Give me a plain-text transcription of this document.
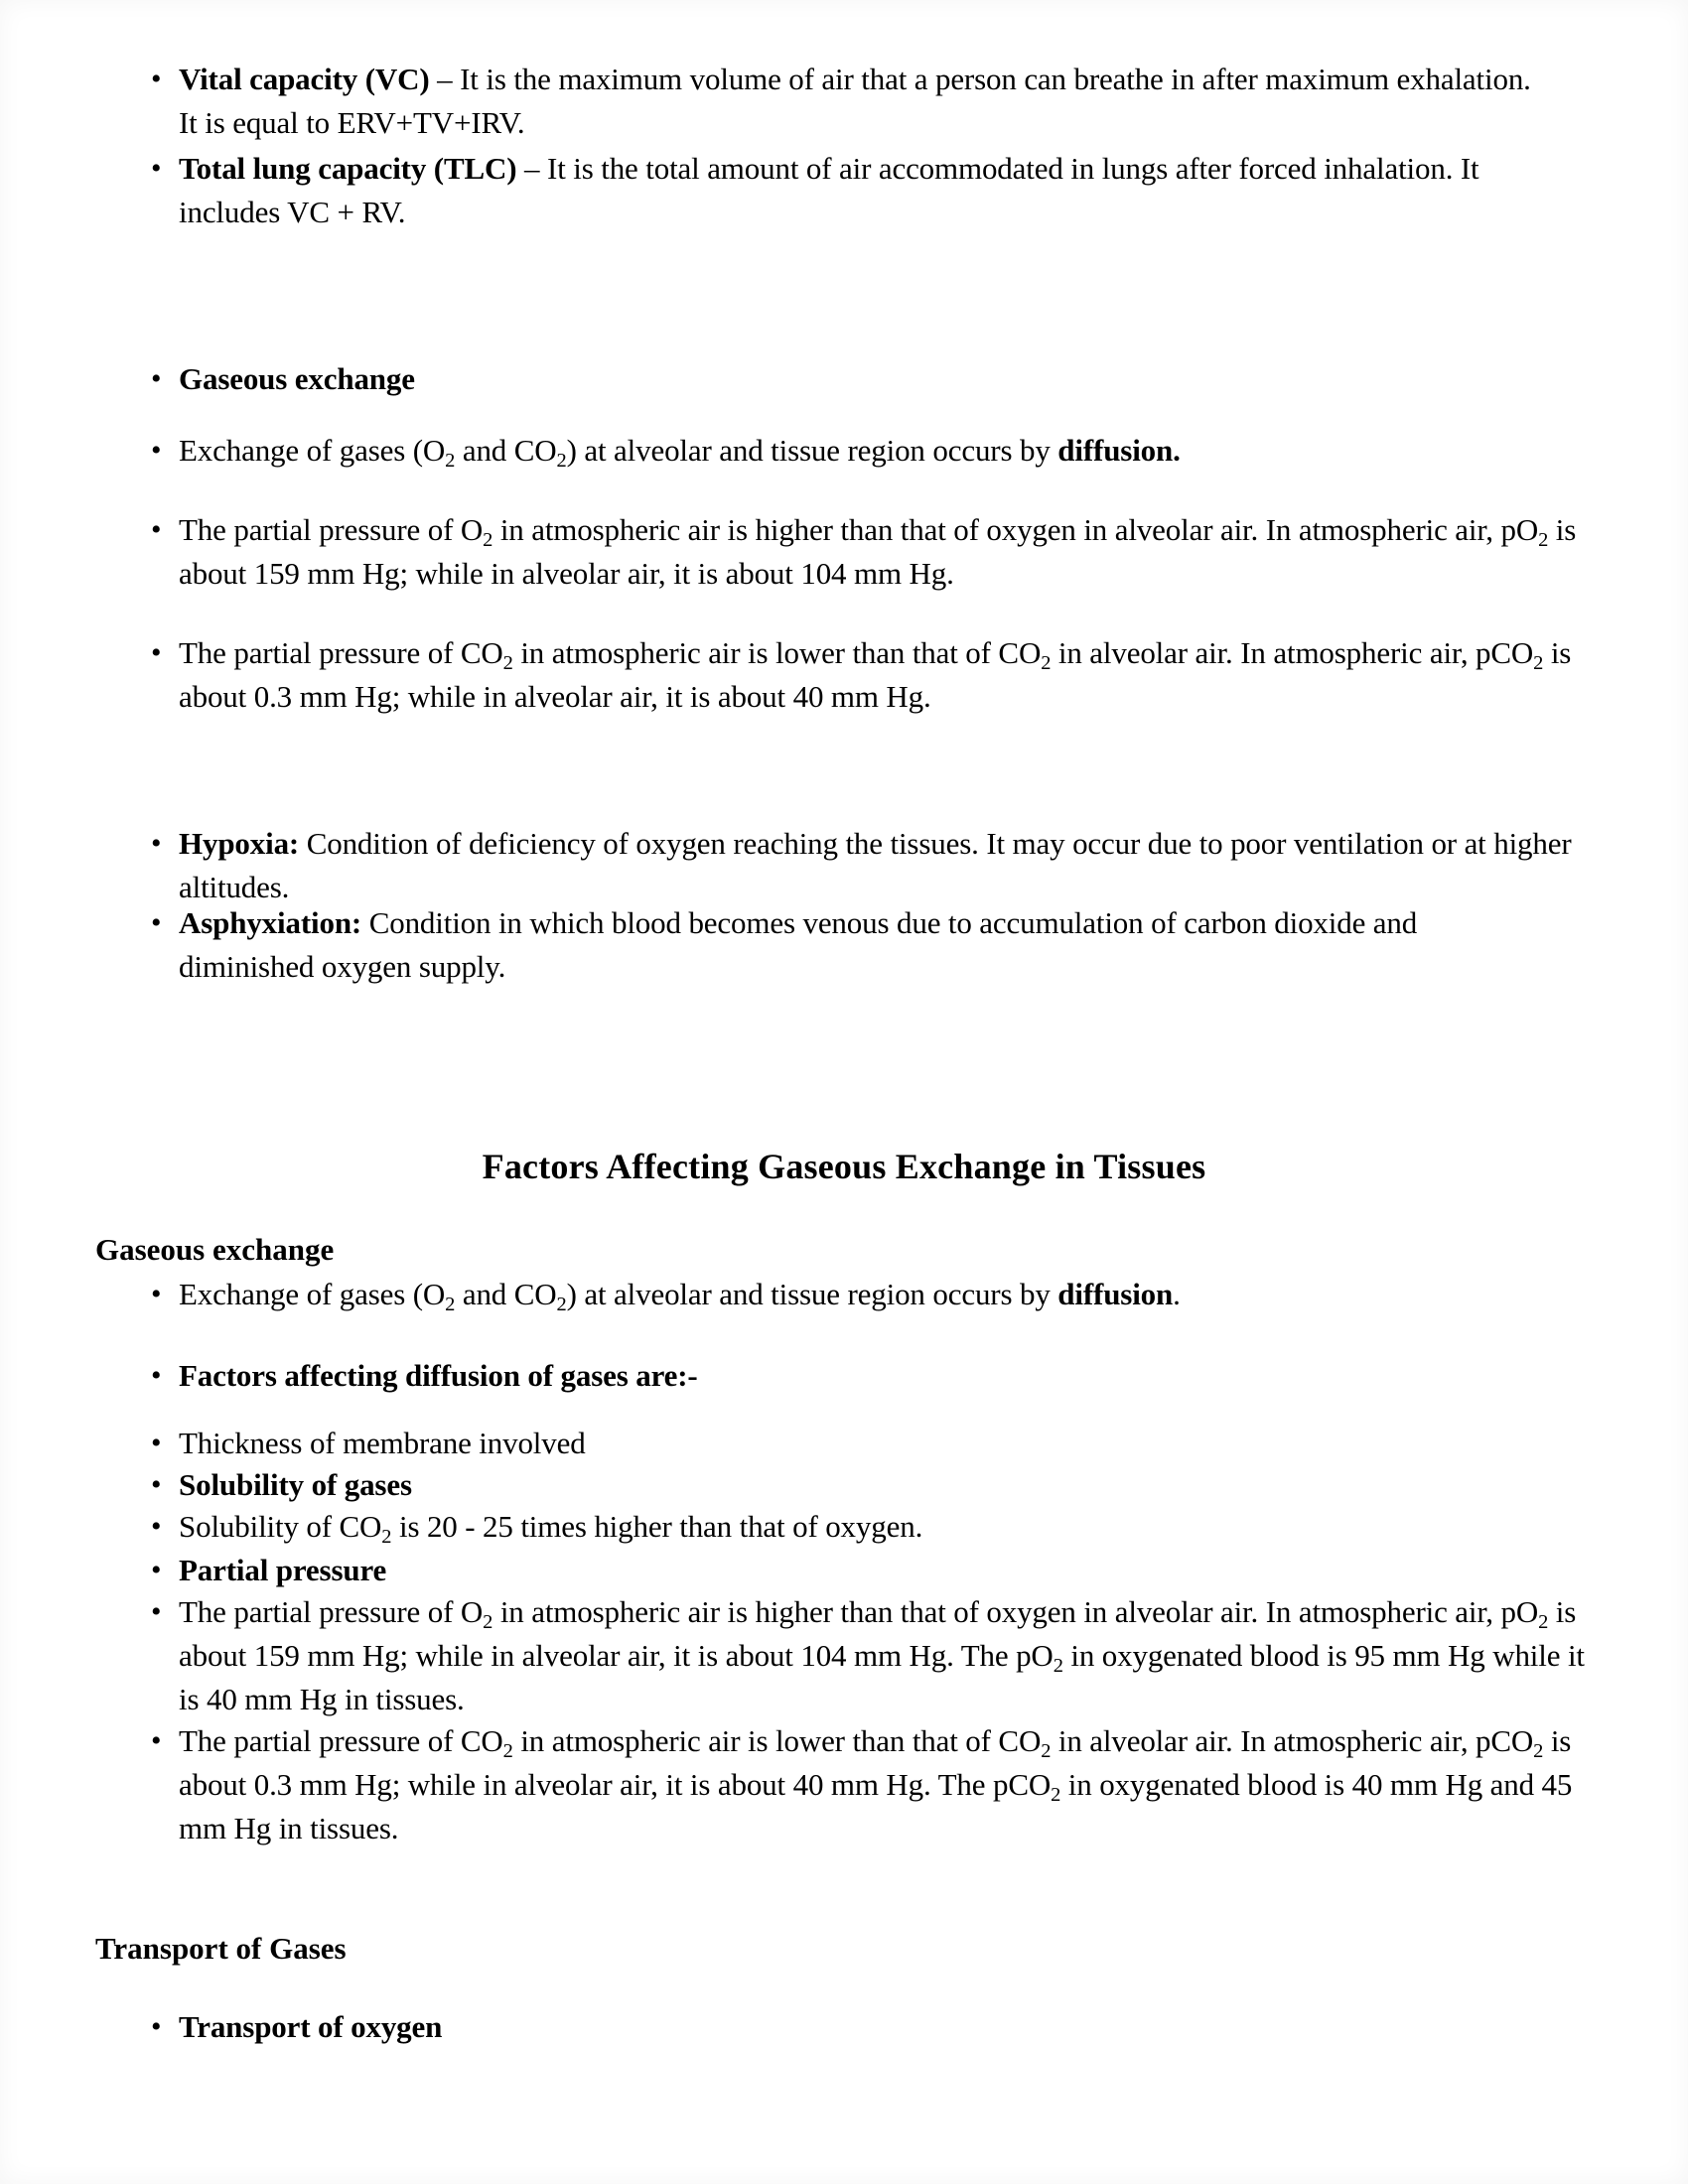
• Vital capacity (VC) – It is the maximum volume of air that a person can breathe in after maximum exhalation. It is equal to ERV+TV+IRV.
• Total lung capacity (TLC) – It is the total amount of air accommodated in lungs after forced inhalation. It includes VC + RV.
• Gaseous exchange
• Exchange of gases ($O_2$ and $CO_2$) at alveolar and tissue region occurs by diffusion.
• The partial pressure of $O_2$ in atmospheric air is higher than that of oxygen in alveolar air. In atmospheric air, $pO_2$ is about 159 mm Hg; while in alveolar air, it is about 104 mm Hg.
• The partial pressure of $CO_2$ in atmospheric air is lower than that of $CO_2$ in alveolar air. In atmospheric air, pCO$_2$ is about 0.3 mm Hg; while in alveolar air, it is about 40 mm Hg.
• Hypoxia: Condition of deficiency of oxygen reaching the tissues. It may occur due to poor ventilation or at higher altitudes.
• Asphyxiation: Condition in which blood becomes venous due to accumulation of carbon dioxide and diminished oxygen supply.
Factors Affecting Gaseous Exchange in Tissues
Gaseous exchange
• Exchange of gases ($O_2$ and $CO_2$) at alveolar and tissue region occurs by diffusion.
• Factors affecting diffusion of gases are:-
• Thickness of membrane involved
• Solubility of gases
• Solubility of $CO_2$ is 20 - 25 times higher than that of oxygen.
• Partial pressure
• The partial pressure of $O_2$ in atmospheric air is higher than that of oxygen in alveolar air. In atmospheric air, $pO_2$ is about 159 mm Hg; while in alveolar air, it is about 104 mm Hg. The $pO_2$ in oxygenated blood is 95 mm Hg while it is 40 mm Hg in tissues.
• The partial pressure of $CO_2$ in atmospheric air is lower than that of $CO_2$ in alveolar air. In atmospheric air, pCO$_2$ is about 0.3 mm Hg; while in alveolar air, it is about 40 mm Hg. The pCO$_2$ in oxygenated blood is 40 mm Hg and 45 mm Hg in tissues.
Transport of Gases
• Transport of oxygen
